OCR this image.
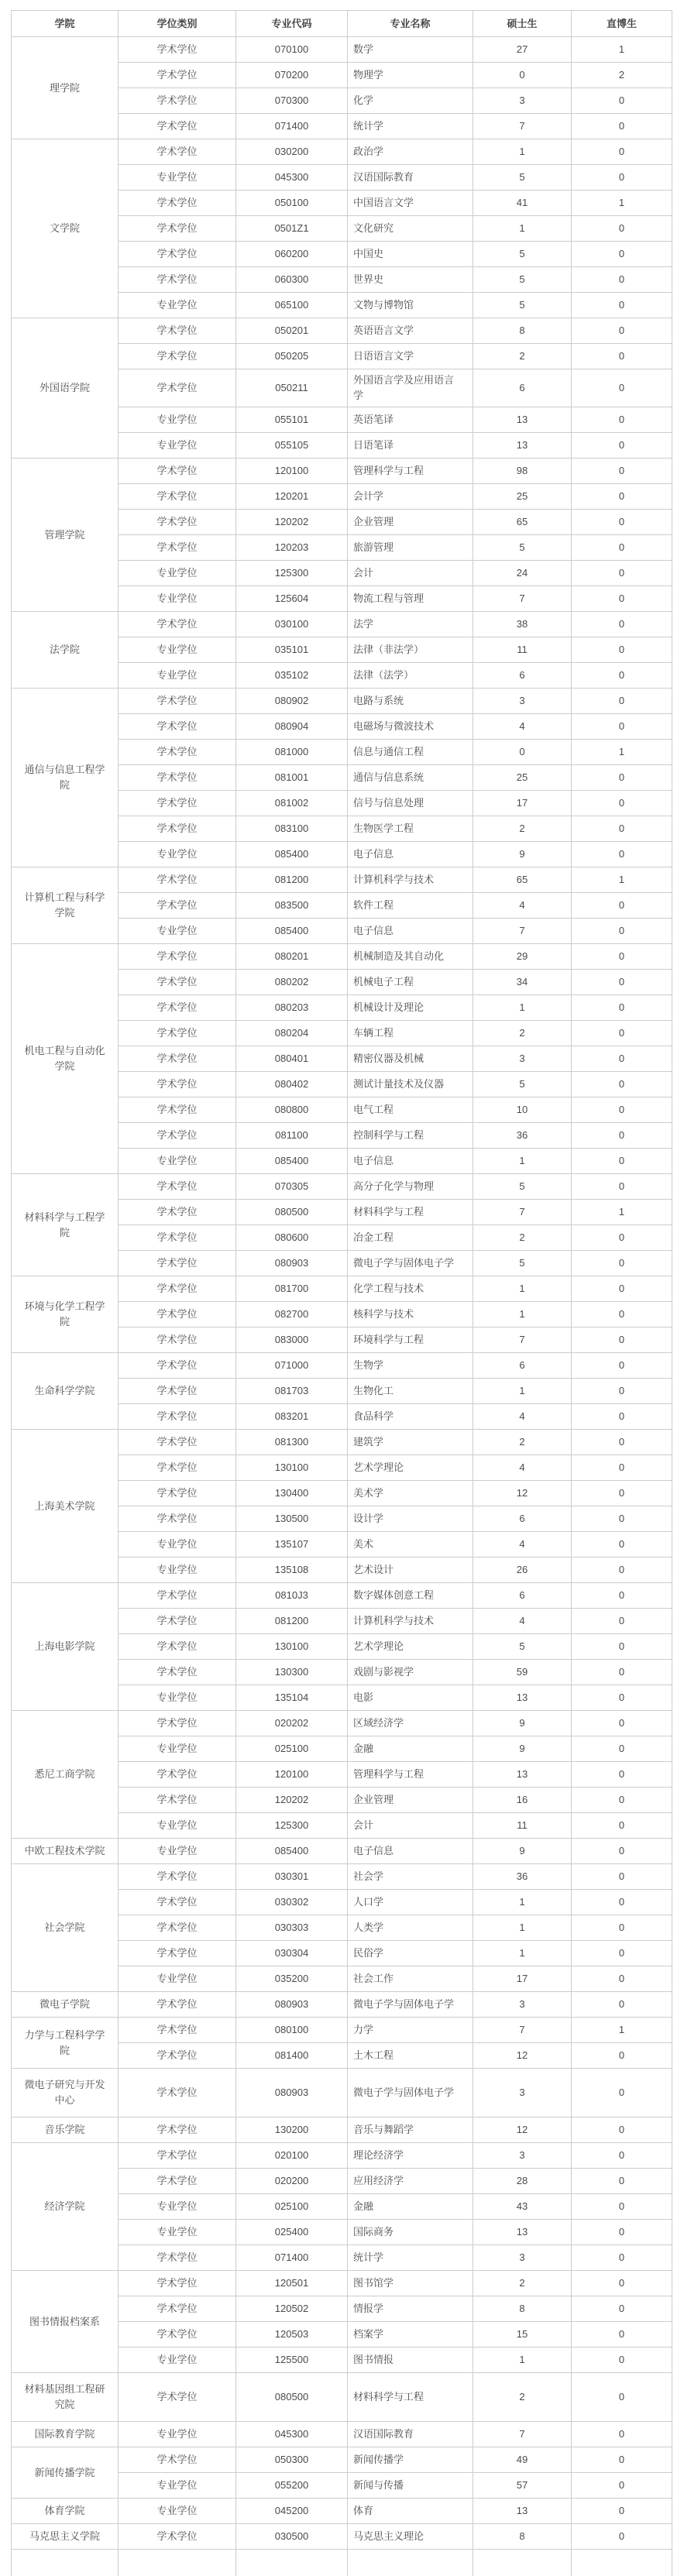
学院	学位类别	专业代码	专业名称	硕士生	直博生
理学院	学术学位	070100	数学	27	1
	学术学位	070200	物理学	0	2
	学术学位	070300	化学	3	0
	学术学位	071400	统计学	7	0
文学院	学术学位	030200	政治学	1	0
	专业学位	045300	汉语国际教育	5	0
	学术学位	050100	中国语言文学	41	1
	学术学位	0501Z1	文化研究	1	0
	学术学位	060200	中国史	5	0
	学术学位	060300	世界史	5	0
	专业学位	065100	文物与博物馆	5	0
外国语学院	学术学位	050201	英语语言文学	8	0
	学术学位	050205	日语语言文学	2	0
	学术学位	050211	外国语言学及应用语言学	6	0
	专业学位	055101	英语笔译	13	0
	专业学位	055105	日语笔译	13	0
管理学院	学术学位	120100	管理科学与工程	98	0
	学术学位	120201	会计学	25	0
	学术学位	120202	企业管理	65	0
	学术学位	120203	旅游管理	5	0
	专业学位	125300	会计	24	0
	专业学位	125604	物流工程与管理	7	0
法学院	学术学位	030100	法学	38	0
	专业学位	035101	法律（非法学）	11	0
	专业学位	035102	法律（法学）	6	0
通信与信息工程学院	学术学位	080902	电路与系统	3	0
	学术学位	080904	电磁场与微波技术	4	0
	学术学位	081000	信息与通信工程	0	1
	学术学位	081001	通信与信息系统	25	0
	学术学位	081002	信号与信息处理	17	0
	学术学位	083100	生物医学工程	2	0
	专业学位	085400	电子信息	9	0
计算机工程与科学学院	学术学位	081200	计算机科学与技术	65	1
	学术学位	083500	软件工程	4	0
	专业学位	085400	电子信息	7	0
机电工程与自动化学院	学术学位	080201	机械制造及其自动化	29	0
	学术学位	080202	机械电子工程	34	0
	学术学位	080203	机械设计及理论	1	0
	学术学位	080204	车辆工程	2	0
	学术学位	080401	精密仪器及机械	3	0
	学术学位	080402	测试计量技术及仪器	5	0
	学术学位	080800	电气工程	10	0
	学术学位	081100	控制科学与工程	36	0
	专业学位	085400	电子信息	1	0
材料科学与工程学院	学术学位	070305	高分子化学与物理	5	0
	学术学位	080500	材料科学与工程	7	1
	学术学位	080600	冶金工程	2	0
	学术学位	080903	微电子学与固体电子学	5	0
环境与化学工程学院	学术学位	081700	化学工程与技术	1	0
	学术学位	082700	核科学与技术	1	0
	学术学位	083000	环境科学与工程	7	0
生命科学学院	学术学位	071000	生物学	6	0
	学术学位	081703	生物化工	1	0
	学术学位	083201	食品科学	4	0
上海美术学院	学术学位	081300	建筑学	2	0
	学术学位	130100	艺术学理论	4	0
	学术学位	130400	美术学	12	0
	学术学位	130500	设计学	6	0
	专业学位	135107	美术	4	0
	专业学位	135108	艺术设计	26	0
上海电影学院	学术学位	0810J3	数字媒体创意工程	6	0
	学术学位	081200	计算机科学与技术	4	0
	学术学位	130100	艺术学理论	5	0
	学术学位	130300	戏剧与影视学	59	0
	专业学位	135104	电影	13	0
悉尼工商学院	学术学位	020202	区域经济学	9	0
	专业学位	025100	金融	9	0
	学术学位	120100	管理科学与工程	13	0
	学术学位	120202	企业管理	16	0
	专业学位	125300	会计	11	0
中欧工程技术学院	专业学位	085400	电子信息	9	0
社会学院	学术学位	030301	社会学	36	0
	学术学位	030302	人口学	1	0
	学术学位	030303	人类学	1	0
	学术学位	030304	民俗学	1	0
	专业学位	035200	社会工作	17	0
微电子学院	学术学位	080903	微电子学与固体电子学	3	0
力学与工程科学学院	学术学位	080100	力学	7	1
	学术学位	081400	土木工程	12	0
微电子研究与开发中心	学术学位	080903	微电子学与固体电子学	3	0
音乐学院	学术学位	130200	音乐与舞蹈学	12	0
经济学院	学术学位	020100	理论经济学	3	0
	学术学位	020200	应用经济学	28	0
	专业学位	025100	金融	43	0
	专业学位	025400	国际商务	13	0
	学术学位	071400	统计学	3	0
图书情报档案系	学术学位	120501	图书馆学	2	0
	学术学位	120502	情报学	8	0
	学术学位	120503	档案学	15	0
	专业学位	125500	图书情报	1	0
材料基因组工程研究院	学术学位	080500	材料科学与工程	2	0
国际教育学院	专业学位	045300	汉语国际教育	7	0
新闻传播学院	学术学位	050300	新闻传播学	49	0
	专业学位	055200	新闻与传播	57	0
体育学院	专业学位	045200	体育	13	0
马克思主义学院	学术学位	030500	马克思主义理论	8	0
